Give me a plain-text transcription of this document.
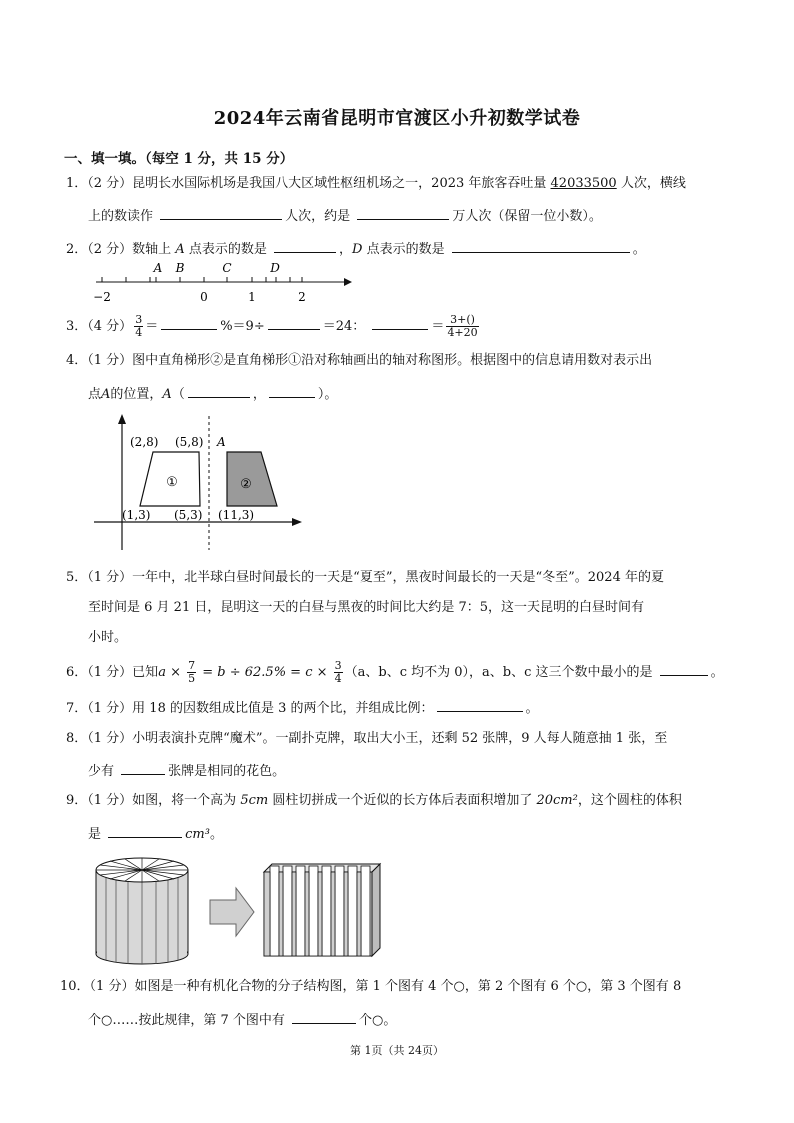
2024年云南省昆明市官渡区小升初数学试卷
一、填一填。（每空 1 分，共 15 分）
1．（2 分）昆明长水国际机场是我国八大区域性枢纽机场之一，2023 年旅客吞吐量 42033500 人次，横线
上的数读作	人次，约是	万人次（保留一位小数）。
2．（2 分）数轴上 A 点表示的数是	，D 点表示的数是	。
A B	C	D
−2	0	1	2
3．（4 分） $\frac{3}{4}$ ＝	%＝9÷	＝24：	＝ $\frac{3+()}{4+20}$
4．（1 分）图中直角梯形②是直角梯形①沿对称轴画出的轴对称图形。根据图中的信息请用数对表示出
点A的位置，A（	，	）。
①	②
(2,8) (5,8) A
(1,3) (5,3) (11,3)
5．（1 分）一年中，北半球白昼时间最长的一天是“夏至”，黑夜时间最长的一天是“冬至”。2024 年的夏
至时间是 6 月 21 日，昆明这一天的白昼与黑夜的时间比大约是 7：5，这一天昆明的白昼时间有
小时。
6．（1 分）已知$a \times \frac{7}{5} = b \div 62.5\% = c \times \frac{3}{4} (a$、b、c 均不为 0），a、b、c 这三个数中最小的是	。
7．（1 分）用 18 的因数组成比值是 3 的两个比，并组成比例：	。
8．（1 分）小明表演扑克牌“魔术”。一副扑克牌，取出大小王，还剩 52 张牌，9 人每人随意抽 1 张，至
少有	张牌是相同的花色。
9．（1 分）如图，将一个高为 5cm 圆柱切拼成一个近似的长方体后表面积增加了 20cm²，这个圆柱的体积
是	cm³。
10．（1 分）如图是一种有机化合物的分子结构图，第 1 个图有 4 个○，第 2 个图有 6 个○，第 3 个图有 8
个○……按此规律，第 7 个图中有	个○。
第 1页（共 24页）
